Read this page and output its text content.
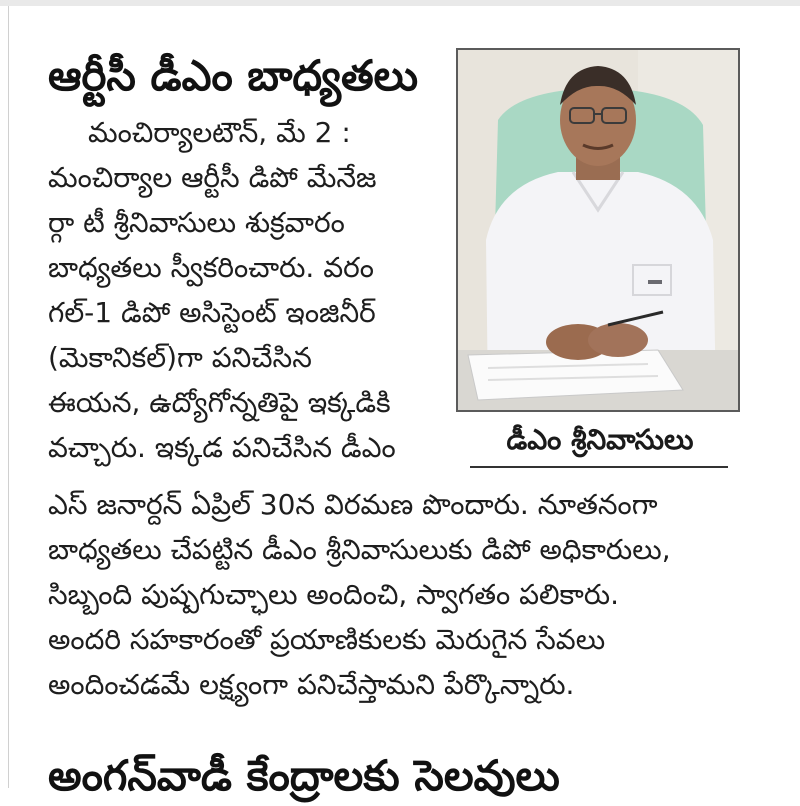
ఆర్టీసీ డీఎం బాధ్యతలు
మంచిర్యాలటౌన్, మే 2 :
మంచిర్యాల ఆర్టీసీ డిపో మేనేజ
ర్గా టీ శ్రీనివాసులు శుక్రవారం
బాధ్యతలు స్వీకరించారు. వరం
గల్-1 డిపో అసిస్టెంట్ ఇంజినీర్
(మెకానికల్)గా పనిచేసిన
ఈయన, ఉద్యోగోన్నతిపై ఇక్కడికి
వచ్చారు. ఇక్కడ పనిచేసిన డీఎం	డీఎం శ్రీనివాసులు
ఎస్ జనార్దన్ ఏప్రిల్ 30న విరమణ పొందారు. నూతనంగా
బాధ్యతలు చేపట్టిన డీఎం శ్రీనివాసులుకు డిపో అధికారులు,
సిబ్బంది పుష్పగుచ్ఛాలు అందించి, స్వాగతం పలికారు.
అందరి సహకారంతో ప్రయాణికులకు మెరుగైన సేవలు
అందించడమే లక్ష్యంగా పనిచేస్తామని పేర్కొన్నారు.
అంగన్‌వాడీ కేంద్రాలకు సెలవులు
